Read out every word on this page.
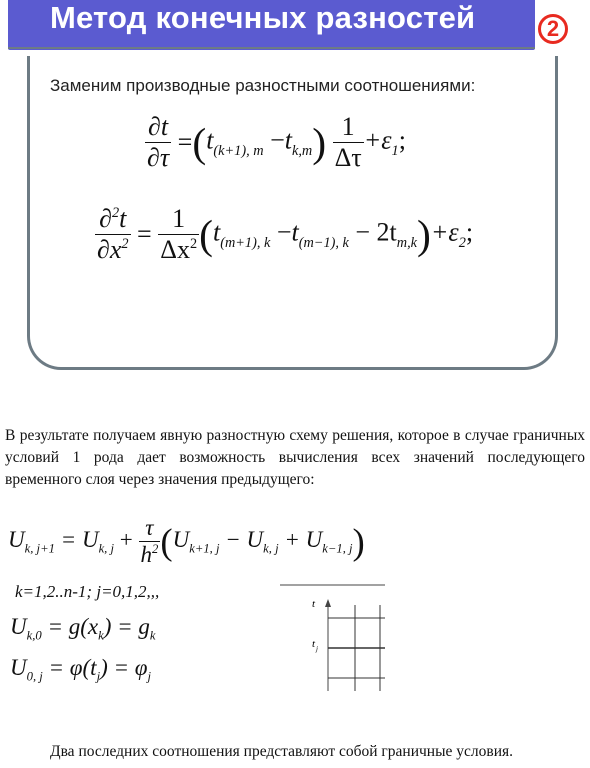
Метод конечных разностей	2
Заменим производные разностными соотношениями:
$\frac{\partial t}{\partial\tau} =(t_{(k+1), m} -t_{k,m}) \frac{1}{\Delta\tau} +\varepsilon_1$;
$\frac{\partial^2t}{\partial x^2} = \frac{1}{\Delta x^2} (t_{(m+1), k} -t_{(m-1), k} - 2t_{m,k})+\varepsilon_2$;
В результате получаем явную разностную схему решения, которое в случае граничных условий 1 рода дает возможность вычисления всех значений последующего временного слоя через значения предыдущего:
$U_{k, j+1} = U_{k, j} + \frac{\tau}{h^2} (U_{k+1, j} - U_{k, j} + U_{k-1, j})$
k=1,2..n-1; j=0,1,2,,,
$U_{k,0} = g(x_k) = g_k$
$U_{0, j} = \varphi(t_j) = \varphi_j$
t
t j
Два последних соотношения представляют собой граничные условия.
